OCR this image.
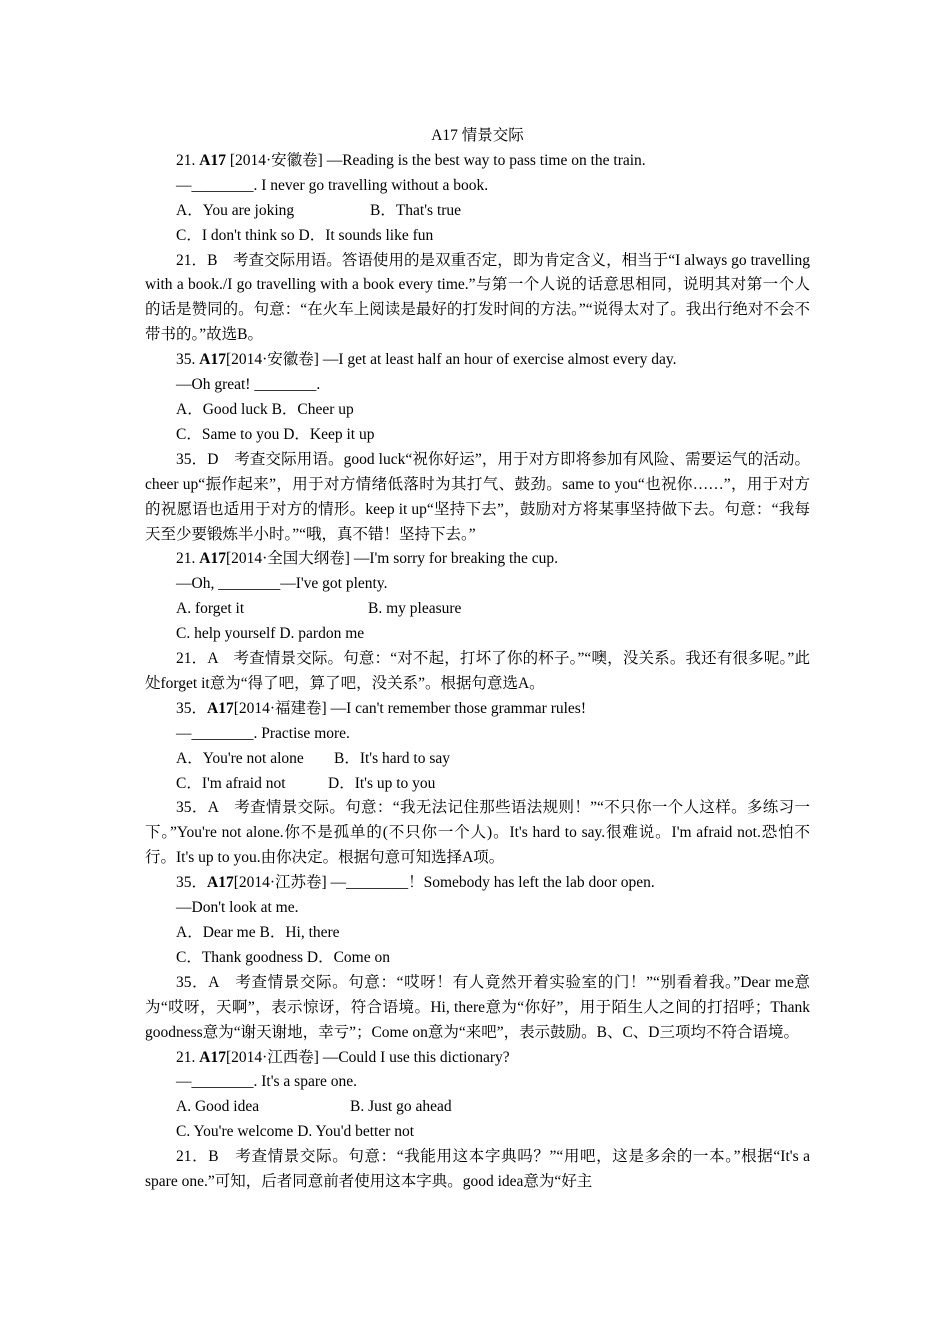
A17 情景交际
21. A17 [2014·安徽卷] —Reading is the best way to pass time on the train.
—________. I never go travelling without a book.
A．You are joking	B．That's true
C．I don't think so D．It sounds like fun
21．B　考查交际用语。答语使用的是双重否定，即为肯定含义，相当于“I always go travelling with a book./I go travelling with a book every time.”与第一个人说的话意思相同，说明其对第一个人的话是赞同的。句意：“在火车上阅读是最好的打发时间的方法。”“说得太对了。我出行绝对不会不带书的。”故选B。
35. A17[2014·安徽卷] —I get at least half an hour of exercise almost every day.
—Oh great! ________.
A．Good luck B．Cheer up
C．Same to you D．Keep it up
35．D　考查交际用语。good luck“祝你好运”，用于对方即将参加有风险、需要运气的活动。cheer up“振作起来”，用于对方情绪低落时为其打气、鼓劲。same to you“也祝你……”，用于对方的祝愿语也适用于对方的情形。keep it up“坚持下去”，鼓励对方将某事坚持做下去。句意：“我每天至少要锻炼半小时。”“哦，真不错！坚持下去。”
21. A17[2014·全国大纲卷] —I'm sorry for breaking the cup.
—Oh, ________—I've got plenty.
A. forget it	B. my pleasure
C. help yourself D. pardon me
21．A　考查情景交际。句意：“对不起，打坏了你的杯子。”“噢，没关系。我还有很多呢。”此处forget it意为“得了吧，算了吧，没关系”。根据句意选A。
35．A17[2014·福建卷] —I can't remember those grammar rules!
—________. Practise more.
A．You're not alone B．It's hard to say
C．I'm afraid not	D．It's up to you
35．A　考查情景交际。句意：“我无法记住那些语法规则！”“不只你一个人这样。多练习一下。”You're not alone.你不是孤单的(不只你一个人)。It's hard to say.很难说。I'm afraid not.恐怕不行。It's up to you.由你决定。根据句意可知选择A项。
35．A17[2014·江苏卷] —________！Somebody has left the lab door open.
—Don't look at me.
A．Dear me B．Hi, there
C．Thank goodness D．Come on
35．A　考查情景交际。句意：“哎呀！有人竟然开着实验室的门！”“别看着我。”Dear me意为“哎呀，天啊”，表示惊讶，符合语境。Hi, there意为“你好”，用于陌生人之间的打招呼；Thank goodness意为“谢天谢地，幸亏”；Come on意为“来吧”，表示鼓励。B、C、D三项均不符合语境。
21. A17[2014·江西卷] —Could I use this dictionary?
—________. It's a spare one.
A. Good idea	B. Just go ahead
C. You're welcome D. You'd better not
21．B　考查情景交际。句意：“我能用这本字典吗？”“用吧，这是多余的一本。”根据“It's a spare one.”可知，后者同意前者使用这本字典。good idea意为“好主
